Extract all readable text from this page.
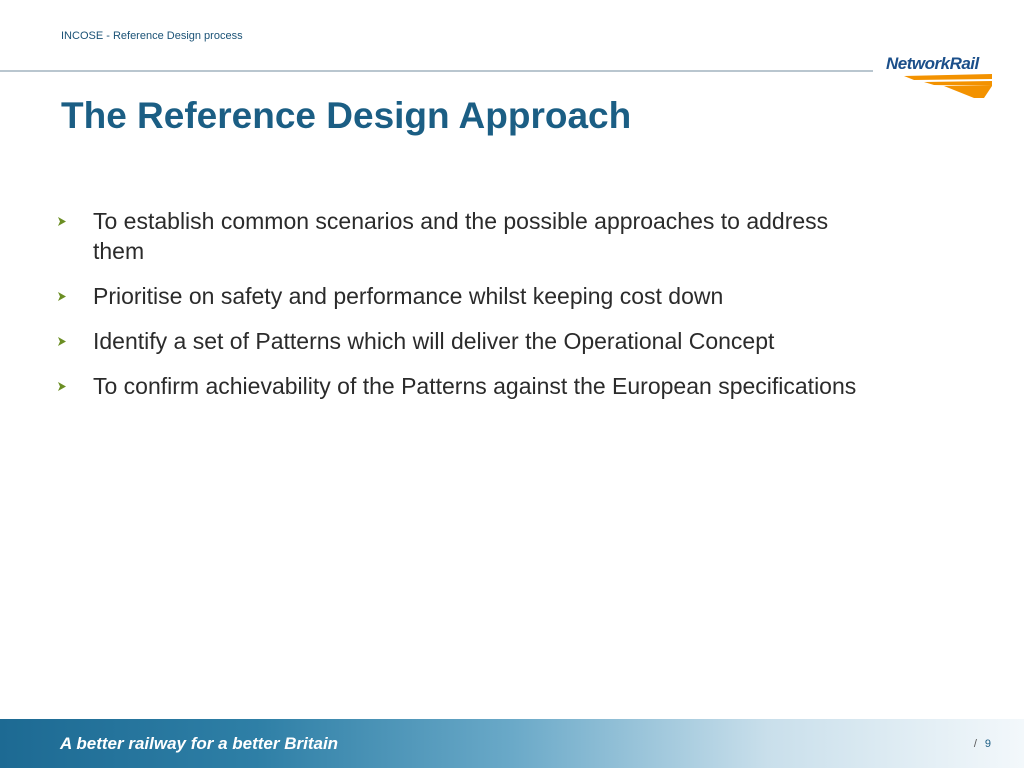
INCOSE - Reference Design process
NetworkRail
The Reference Design Approach
To establish common scenarios and the possible approaches to address them
Prioritise on safety and performance whilst keeping cost down
Identify a set of Patterns which will deliver the Operational Concept
To confirm achievability of the Patterns against the European specifications
A better railway for a better Britain	/ 9
